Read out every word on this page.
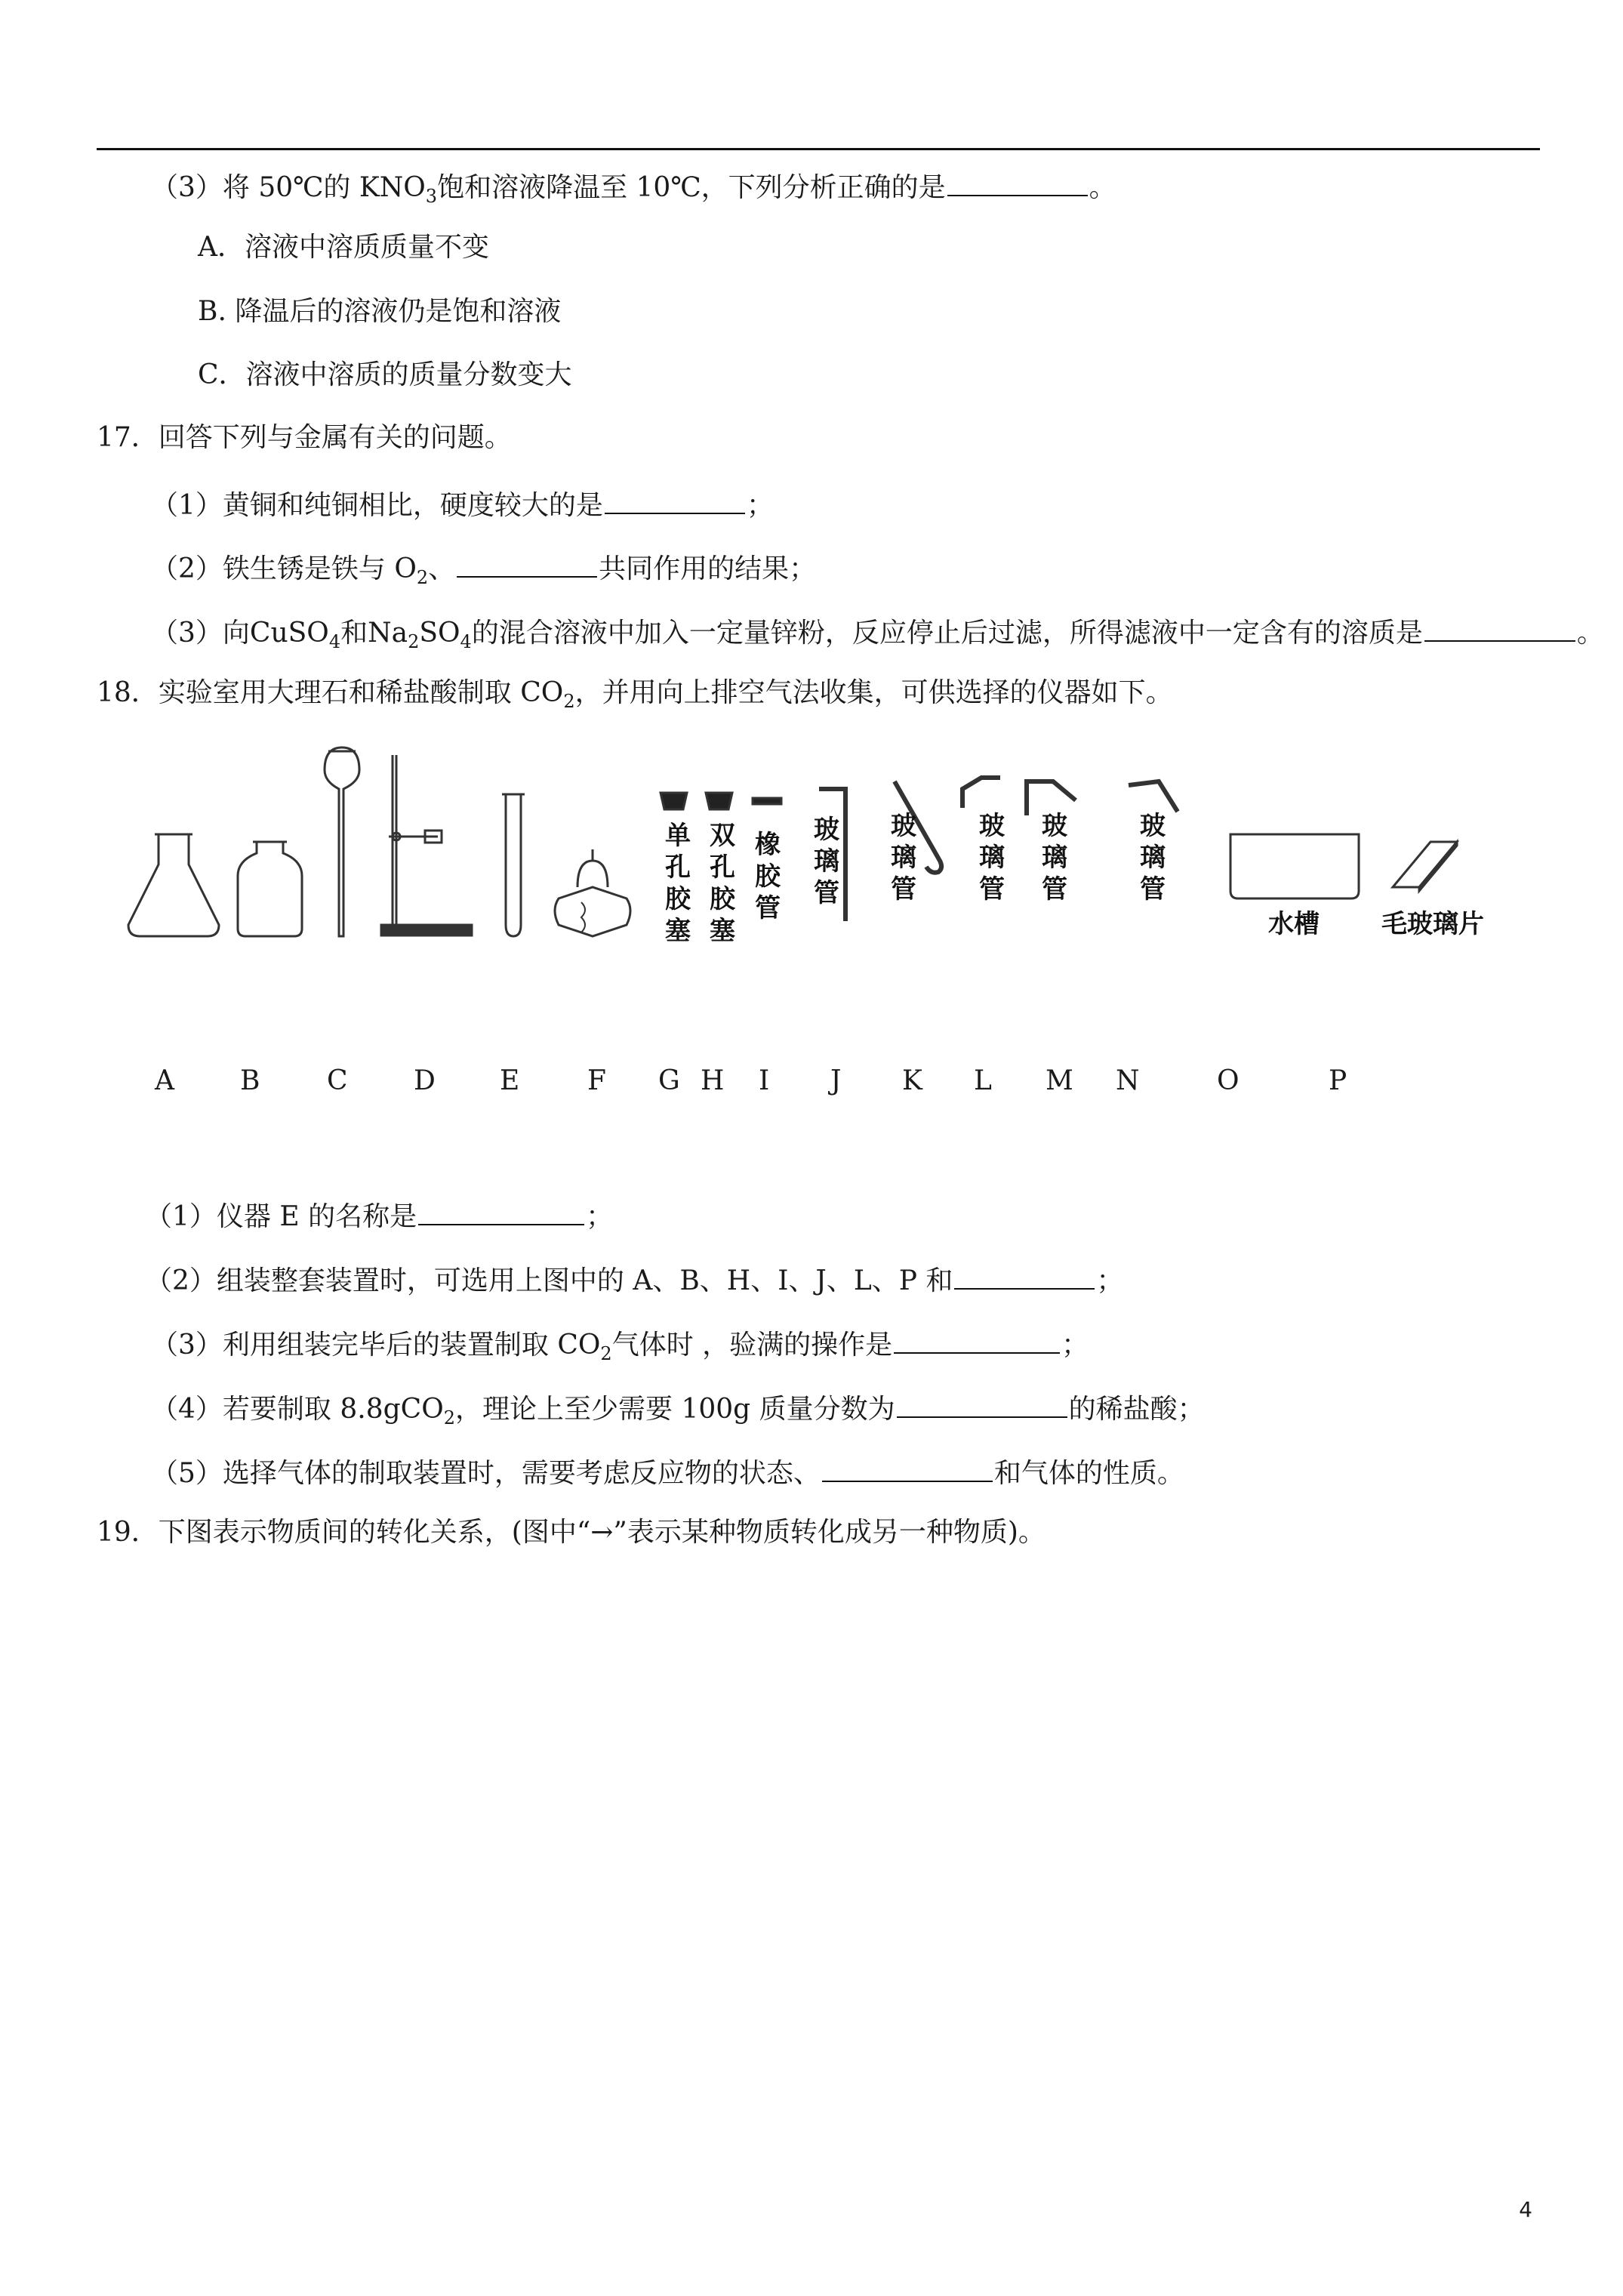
（3）将 50℃的 $KNO_3$饱和溶液降温至 10℃，下列分析正确的是	。
A．溶液中溶质质量不变
B. 降温后的溶液仍是饱和溶液
C．溶液中溶质的质量分数变大
17．回答下列与金属有关的问题。
（1）黄铜和纯铜相比，硬度较大的是	；
（2）铁生锈是铁与 $O_2$、	共同作用的结果；
（3）向CuSO$_4$和$Na_2SO_4$的混合溶液中加入一定量锌粉，反应停止后过滤，所得滤液中一定含有的溶质是	。
18．实验室用大理石和稀盐酸制取 $CO_2$，并用向上排空气法收集，可供选择的仪器如下。
单
孔
胶
塞
双
孔
胶
塞
橡
胶
管
玻
璃
管
玻
璃
管
玻
璃
管
玻
璃
管
玻
璃
管
水槽 毛玻璃片
A B C D E F G H I J K L M N	O	P
（1）仪器 E 的名称是	；
（2）组装整套装置时，可选用上图中的 A、B、H、I、J、L、P 和	；
（3）利用组装完毕后的装置制取 $CO_2$气体时 ，验满的操作是	；
（4）若要制取 8.8gCO$_2$，理论上至少需要 100g 质量分数为	的稀盐酸；
（5）选择气体的制取装置时，需要考虑反应物的状态、	和气体的性质。
19．下图表示物质间的转化关系，(图中“→”表示某种物质转化成另一种物质)。
4
